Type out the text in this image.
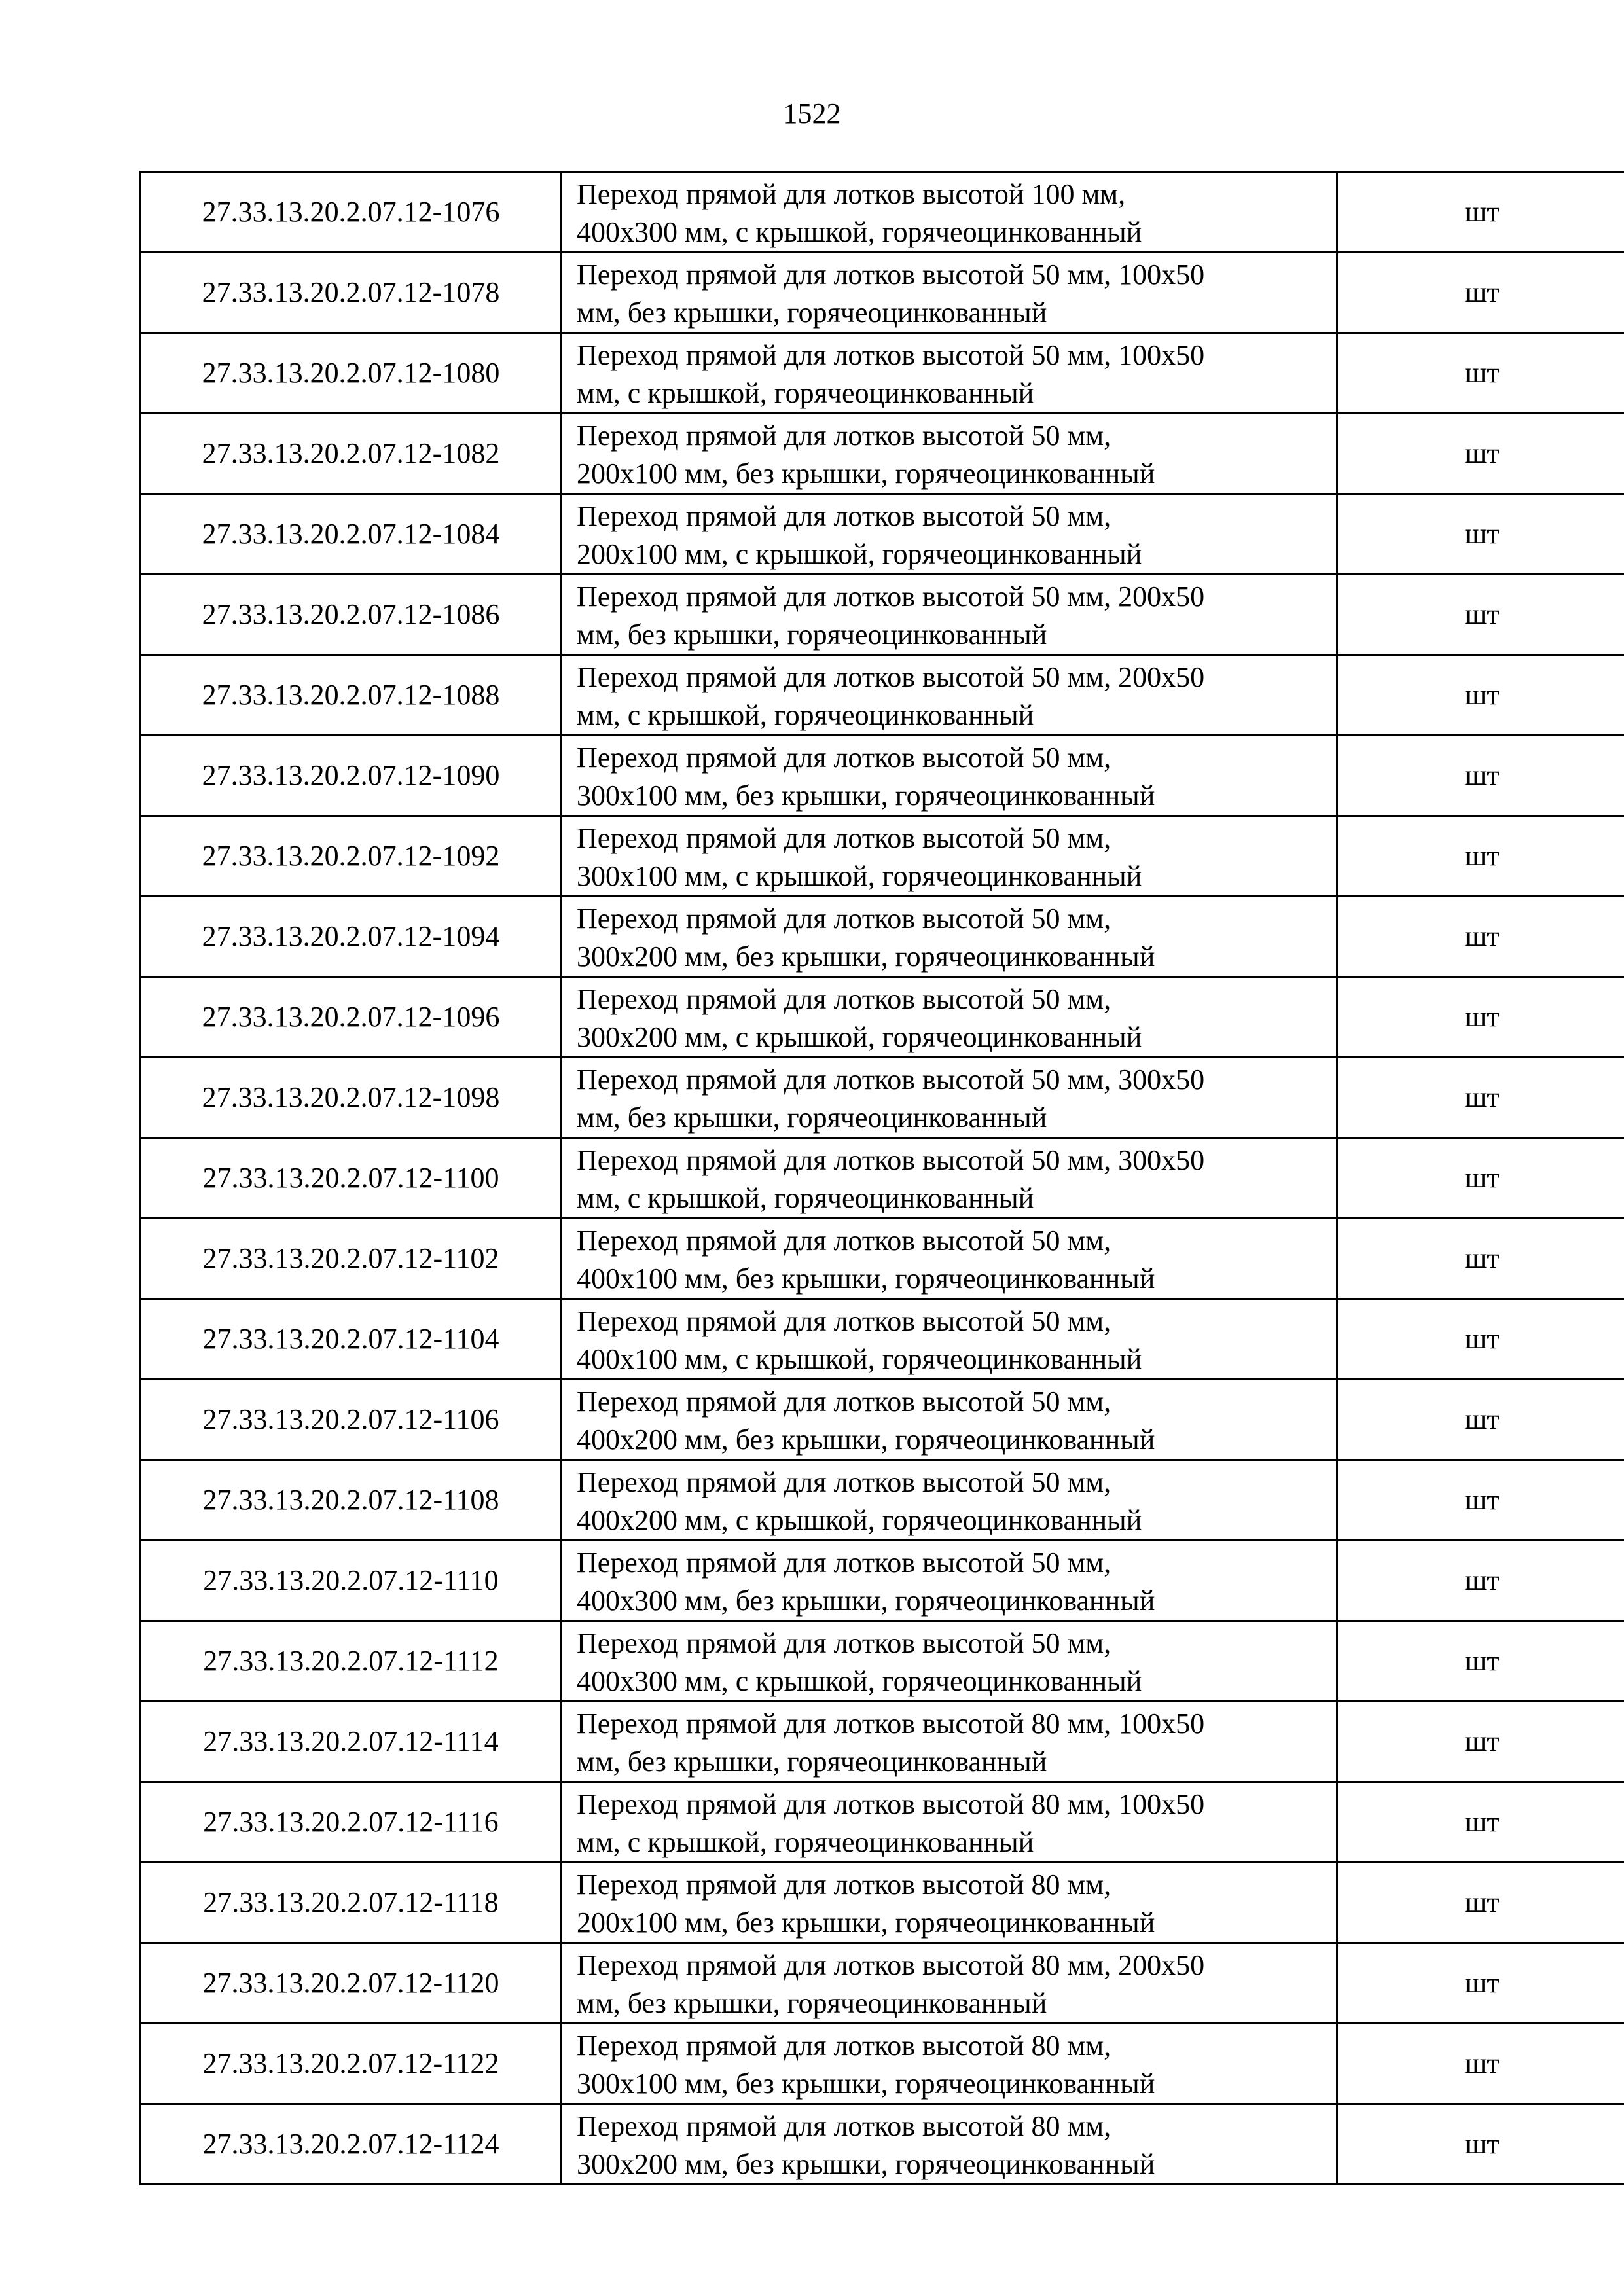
1522
27.33.13.20.2.07.12-1076	Переход прямой для лотков высотой 100 мм,
400х300 мм, с крышкой, горячеоцинкованный	шт
27.33.13.20.2.07.12-1078	Переход прямой для лотков высотой 50 мм, 100х50
мм, без крышки, горячеоцинкованный	шт
27.33.13.20.2.07.12-1080	Переход прямой для лотков высотой 50 мм, 100х50
мм, с крышкой, горячеоцинкованный	шт
27.33.13.20.2.07.12-1082	Переход прямой для лотков высотой 50 мм,
200х100 мм, без крышки, горячеоцинкованный	шт
27.33.13.20.2.07.12-1084	Переход прямой для лотков высотой 50 мм,
200х100 мм, с крышкой, горячеоцинкованный	шт
27.33.13.20.2.07.12-1086	Переход прямой для лотков высотой 50 мм, 200х50
мм, без крышки, горячеоцинкованный	шт
27.33.13.20.2.07.12-1088	Переход прямой для лотков высотой 50 мм, 200х50
мм, с крышкой, горячеоцинкованный	шт
27.33.13.20.2.07.12-1090	Переход прямой для лотков высотой 50 мм,
300х100 мм, без крышки, горячеоцинкованный	шт
27.33.13.20.2.07.12-1092	Переход прямой для лотков высотой 50 мм,
300х100 мм, с крышкой, горячеоцинкованный	шт
27.33.13.20.2.07.12-1094	Переход прямой для лотков высотой 50 мм,
300х200 мм, без крышки, горячеоцинкованный	шт
27.33.13.20.2.07.12-1096	Переход прямой для лотков высотой 50 мм,
300х200 мм, с крышкой, горячеоцинкованный	шт
27.33.13.20.2.07.12-1098	Переход прямой для лотков высотой 50 мм, 300х50
мм, без крышки, горячеоцинкованный	шт
27.33.13.20.2.07.12-1100	Переход прямой для лотков высотой 50 мм, 300х50
мм, с крышкой, горячеоцинкованный	шт
27.33.13.20.2.07.12-1102	Переход прямой для лотков высотой 50 мм,
400х100 мм, без крышки, горячеоцинкованный	шт
27.33.13.20.2.07.12-1104	Переход прямой для лотков высотой 50 мм,
400х100 мм, с крышкой, горячеоцинкованный	шт
27.33.13.20.2.07.12-1106	Переход прямой для лотков высотой 50 мм,
400х200 мм, без крышки, горячеоцинкованный	шт
27.33.13.20.2.07.12-1108	Переход прямой для лотков высотой 50 мм,
400х200 мм, с крышкой, горячеоцинкованный	шт
27.33.13.20.2.07.12-1110	Переход прямой для лотков высотой 50 мм,
400х300 мм, без крышки, горячеоцинкованный	шт
27.33.13.20.2.07.12-1112	Переход прямой для лотков высотой 50 мм,
400х300 мм, с крышкой, горячеоцинкованный	шт
27.33.13.20.2.07.12-1114	Переход прямой для лотков высотой 80 мм, 100х50
мм, без крышки, горячеоцинкованный	шт
27.33.13.20.2.07.12-1116	Переход прямой для лотков высотой 80 мм, 100х50
мм, с крышкой, горячеоцинкованный	шт
27.33.13.20.2.07.12-1118	Переход прямой для лотков высотой 80 мм,
200х100 мм, без крышки, горячеоцинкованный	шт
27.33.13.20.2.07.12-1120	Переход прямой для лотков высотой 80 мм, 200х50
мм, без крышки, горячеоцинкованный	шт
27.33.13.20.2.07.12-1122	Переход прямой для лотков высотой 80 мм,
300х100 мм, без крышки, горячеоцинкованный	шт
27.33.13.20.2.07.12-1124	Переход прямой для лотков высотой 80 мм,
300х200 мм, без крышки, горячеоцинкованный	шт
